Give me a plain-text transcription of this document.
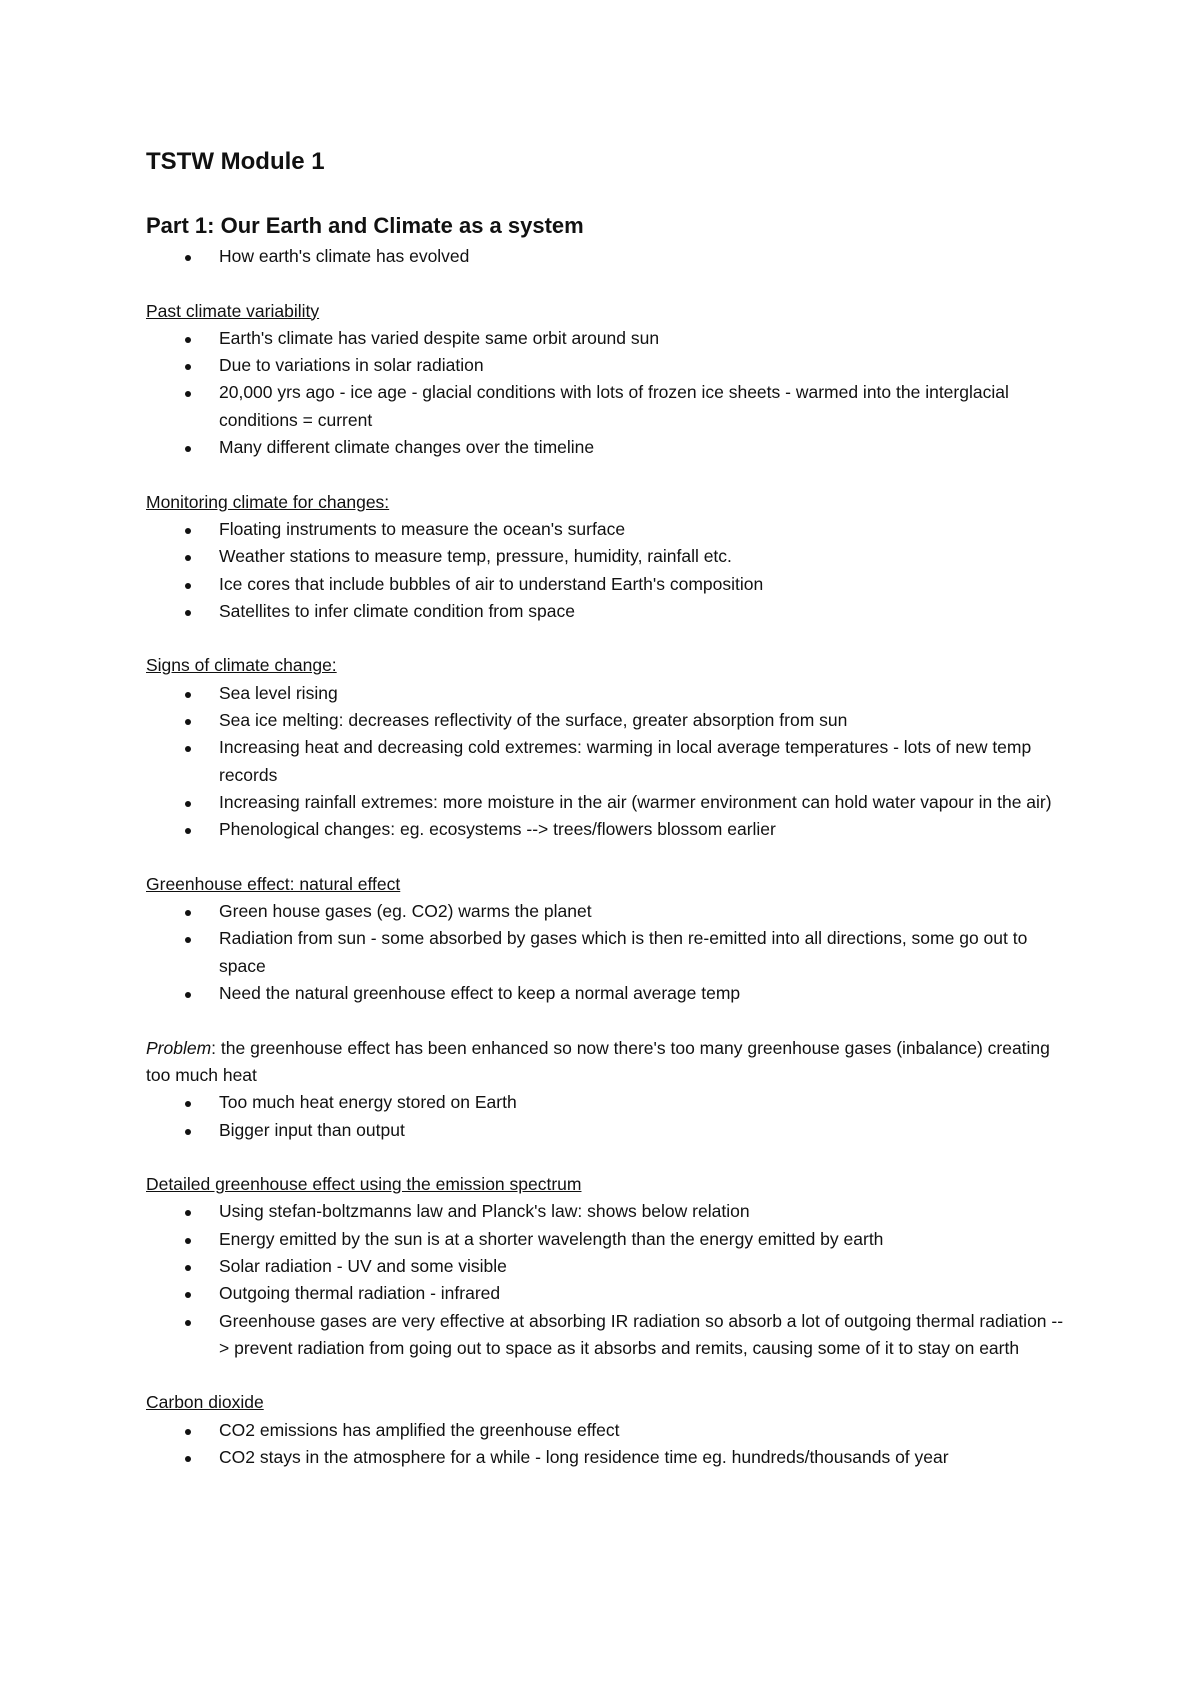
TSTW Module 1
Part 1: Our Earth and Climate as a system
How earth's climate has evolved
Past climate variability
Earth's climate has varied despite same orbit around sun
Due to variations in solar radiation
20,000 yrs ago - ice age - glacial conditions with lots of frozen ice sheets - warmed into the interglacial conditions = current
Many different climate changes over the timeline
Monitoring climate for changes:
Floating instruments to measure the ocean's surface
Weather stations to measure temp, pressure, humidity, rainfall etc.
Ice cores that include bubbles of air to understand Earth's composition
Satellites to infer climate condition from space
Signs of climate change:
Sea level rising
Sea ice melting: decreases reflectivity of the surface, greater absorption from sun
Increasing heat and decreasing cold extremes: warming in local average temperatures - lots of new temp records
Increasing rainfall extremes: more moisture in the air (warmer environment can hold water vapour in the air)
Phenological changes: eg. ecosystems --> trees/flowers blossom earlier
Greenhouse effect: natural effect
Green house gases (eg. CO2) warms the planet
Radiation from sun - some absorbed by gases which is then re-emitted into all directions, some go out to space
Need the natural greenhouse effect to keep a normal average temp

Problem: the greenhouse effect has been enhanced so now there's too many greenhouse gases (inbalance) creating too much heat

Too much heat energy stored on Earth
Bigger input than output
Detailed greenhouse effect using the emission spectrum
Using stefan-boltzmanns law and Planck's law: shows below relation
Energy emitted by the sun is at a shorter wavelength than the energy emitted by earth
Solar radiation - UV and some visible
Outgoing thermal radiation - infrared
Greenhouse gases are very effective at absorbing IR radiation so absorb a lot of outgoing thermal radiation --> prevent radiation from going out to space as it absorbs and remits, causing some of it to stay on earth
Carbon dioxide
CO2 emissions has amplified the greenhouse effect
CO2 stays in the atmosphere for a while - long residence time eg. hundreds/thousands of year
